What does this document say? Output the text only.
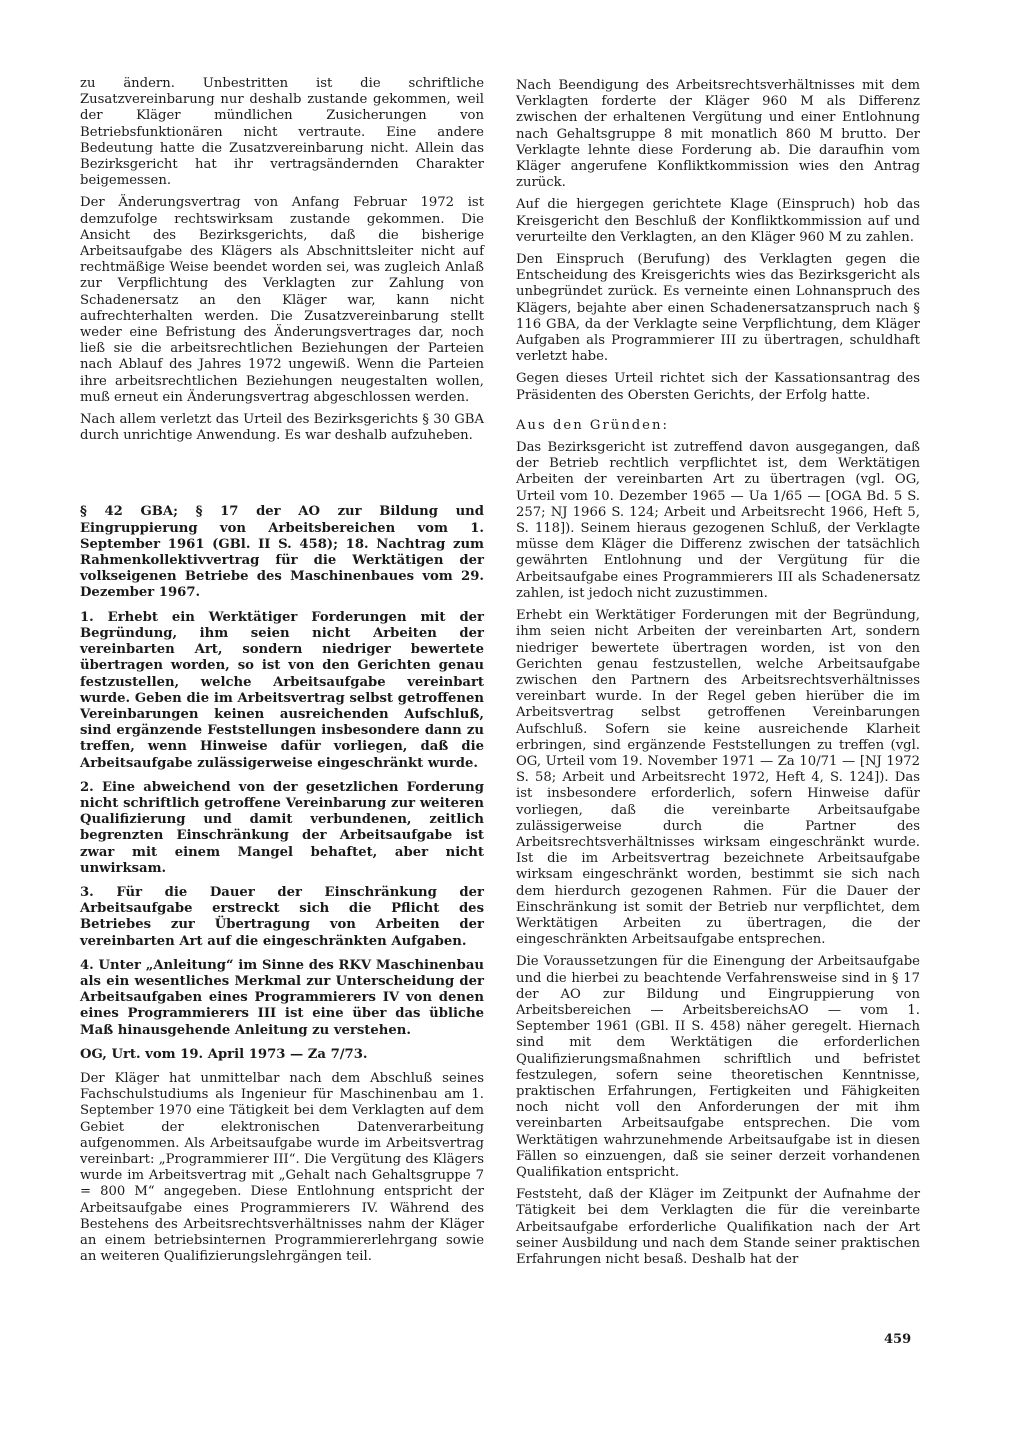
zu ändern. Unbestritten ist die schriftliche Zusatzvereinbarung nur deshalb zustande gekommen, weil der Kläger mündlichen Zusicherungen von Betriebsfunktionären nicht vertraute. Eine andere Bedeutung hatte die Zusatzvereinbarung nicht. Allein das Bezirksgericht hat ihr vertragsändernden Charakter beigemessen.

Der Änderungsvertrag von Anfang Februar 1972 ist demzufolge rechtswirksam zustande gekommen. Die Ansicht des Bezirksgerichts, daß die bisherige Arbeitsaufgabe des Klägers als Abschnittsleiter nicht auf rechtmäßige Weise beendet worden sei, was zugleich Anlaß zur Verpflichtung des Verklagten zur Zahlung von Schadenersatz an den Kläger war, kann nicht aufrechterhalten werden. Die Zusatzvereinbarung stellt weder eine Befristung des Änderungsvertrages dar, noch ließ sie die arbeitsrechtlichen Beziehungen der Parteien nach Ablauf des Jahres 1972 ungewiß. Wenn die Parteien ihre arbeitsrechtlichen Beziehungen neugestalten wollen, muß erneut ein Änderungsvertrag abgeschlossen werden.

Nach allem verletzt das Urteil des Bezirksgerichts § 30 GBA durch unrichtige Anwendung. Es war deshalb aufzuheben.

§ 42 GBA; § 17 der AO zur Bildung und Eingruppierung von Arbeitsbereichen vom 1. September 1961 (GBl. II S. 458); 18. Nachtrag zum Rahmenkollektivvertrag für die Werktätigen der volkseigenen Betriebe des Maschinenbaues vom 29. Dezember 1967.

1. Erhebt ein Werktätiger Forderungen mit der Begründung, ihm seien nicht Arbeiten der vereinbarten Art, sondern niedriger bewertete übertragen worden, so ist von den Gerichten genau festzustellen, welche Arbeitsaufgabe vereinbart wurde. Geben die im Arbeitsvertrag selbst getroffenen Vereinbarungen keinen ausreichenden Aufschluß, sind ergänzende Feststellungen insbesondere dann zu treffen, wenn Hinweise dafür vorliegen, daß die Arbeitsaufgabe zulässigerweise eingeschränkt wurde.

2. Eine abweichend von der gesetzlichen Forderung nicht schriftlich getroffene Vereinbarung zur weiteren Qualifizierung und damit verbundenen, zeitlich begrenzten Einschränkung der Arbeitsaufgabe ist zwar mit einem Mangel behaftet, aber nicht unwirksam.

3. Für die Dauer der Einschränkung der Arbeitsaufgabe erstreckt sich die Pflicht des Betriebes zur Übertragung von Arbeiten der vereinbarten Art auf die eingeschränkten Aufgaben.

4. Unter „Anleitung“ im Sinne des RKV Maschinenbau als ein wesentliches Merkmal zur Unterscheidung der Arbeitsaufgaben eines Programmierers IV von denen eines Programmierers III ist eine über das übliche Maß hinausgehende Anleitung zu verstehen.

OG, Urt. vom 19. April 1973 — Za 7/73.

Der Kläger hat unmittelbar nach dem Abschluß seines Fachschulstudiums als Ingenieur für Maschinenbau am 1. September 1970 eine Tätigkeit bei dem Verklagten auf dem Gebiet der elektronischen Datenverarbeitung aufgenommen. Als Arbeitsaufgabe wurde im Arbeitsvertrag vereinbart: „Programmierer III“. Die Vergütung des Klägers wurde im Arbeitsvertrag mit „Gehalt nach Gehaltsgruppe 7 = 800 M“ angegeben. Diese Entlohnung entspricht der Arbeitsaufgabe eines Programmierers IV. Während des Bestehens des Arbeitsrechtsverhältnisses nahm der Kläger an einem betriebsinternen Programmiererlehrgang sowie an weiteren Qualifizierungslehrgängen teil.

Nach Beendigung des Arbeitsrechtsverhältnisses mit dem Verklagten forderte der Kläger 960 M als Differenz zwischen der erhaltenen Vergütung und einer Entlohnung nach Gehaltsgruppe 8 mit monatlich 860 M brutto. Der Verklagte lehnte diese Forderung ab. Die daraufhin vom Kläger angerufene Konfliktkommission wies den Antrag zurück.

Auf die hiergegen gerichtete Klage (Einspruch) hob das Kreisgericht den Beschluß der Konfliktkommission auf und verurteilte den Verklagten, an den Kläger 960 M zu zahlen.

Den Einspruch (Berufung) des Verklagten gegen die Entscheidung des Kreisgerichts wies das Bezirksgericht als unbegründet zurück. Es verneinte einen Lohnanspruch des Klägers, bejahte aber einen Schadenersatzanspruch nach § 116 GBA, da der Verklagte seine Verpflichtung, dem Kläger Aufgaben als Programmierer III zu übertragen, schuldhaft verletzt habe.

Gegen dieses Urteil richtet sich der Kassationsantrag des Präsidenten des Obersten Gerichts, der Erfolg hatte.

Aus den Gründen:

Das Bezirksgericht ist zutreffend davon ausgegangen, daß der Betrieb rechtlich verpflichtet ist, dem Werktätigen Arbeiten der vereinbarten Art zu übertragen (vgl. OG, Urteil vom 10. Dezember 1965 — Ua 1/65 — [OGA Bd. 5 S. 257; NJ 1966 S. 124; Arbeit und Arbeitsrecht 1966, Heft 5, S. 118]). Seinem hieraus gezogenen Schluß, der Verklagte müsse dem Kläger die Differenz zwischen der tatsächlich gewährten Entlohnung und der Vergütung für die Arbeitsaufgabe eines Programmierers III als Schadenersatz zahlen, ist jedoch nicht zuzustimmen.

Erhebt ein Werktätiger Forderungen mit der Begründung, ihm seien nicht Arbeiten der vereinbarten Art, sondern niedriger bewertete übertragen worden, ist von den Gerichten genau festzustellen, welche Arbeitsaufgabe zwischen den Partnern des Arbeitsrechtsverhältnisses vereinbart wurde. In der Regel geben hierüber die im Arbeitsvertrag selbst getroffenen Vereinbarungen Aufschluß. Sofern sie keine ausreichende Klarheit erbringen, sind ergänzende Feststellungen zu treffen (vgl. OG, Urteil vom 19. November 1971 — Za 10/71 — [NJ 1972 S. 58; Arbeit und Arbeitsrecht 1972, Heft 4, S. 124]). Das ist insbesondere erforderlich, sofern Hinweise dafür vorliegen, daß die vereinbarte Arbeitsaufgabe zulässigerweise durch die Partner des Arbeitsrechtsverhältnisses wirksam eingeschränkt wurde. Ist die im Arbeitsvertrag bezeichnete Arbeitsaufgabe wirksam eingeschränkt worden, bestimmt sie sich nach dem hierdurch gezogenen Rahmen. Für die Dauer der Einschränkung ist somit der Betrieb nur verpflichtet, dem Werktätigen Arbeiten zu übertragen, die der eingeschränkten Arbeitsaufgabe entsprechen.

Die Voraussetzungen für die Einengung der Arbeitsaufgabe und die hierbei zu beachtende Verfahrensweise sind in § 17 der AO zur Bildung und Eingruppierung von Arbeitsbereichen — ArbeitsbereichsAO — vom 1. September 1961 (GBl. II S. 458) näher geregelt. Hiernach sind mit dem Werktätigen die erforderlichen Qualifizierungsmaßnahmen schriftlich und befristet festzulegen, sofern seine theoretischen Kenntnisse, praktischen Erfahrungen, Fertigkeiten und Fähigkeiten noch nicht voll den Anforderungen der mit ihm vereinbarten Arbeitsaufgabe entsprechen. Die vom Werktätigen wahrzunehmende Arbeitsaufgabe ist in diesen Fällen so einzuengen, daß sie seiner derzeit vorhandenen Qualifikation entspricht.

Feststeht, daß der Kläger im Zeitpunkt der Aufnahme der Tätigkeit bei dem Verklagten die für die vereinbarte Arbeitsaufgabe erforderliche Qualifikation nach der Art seiner Ausbildung und nach dem Stande seiner praktischen Erfahrungen nicht besaß. Deshalb hat der

459
